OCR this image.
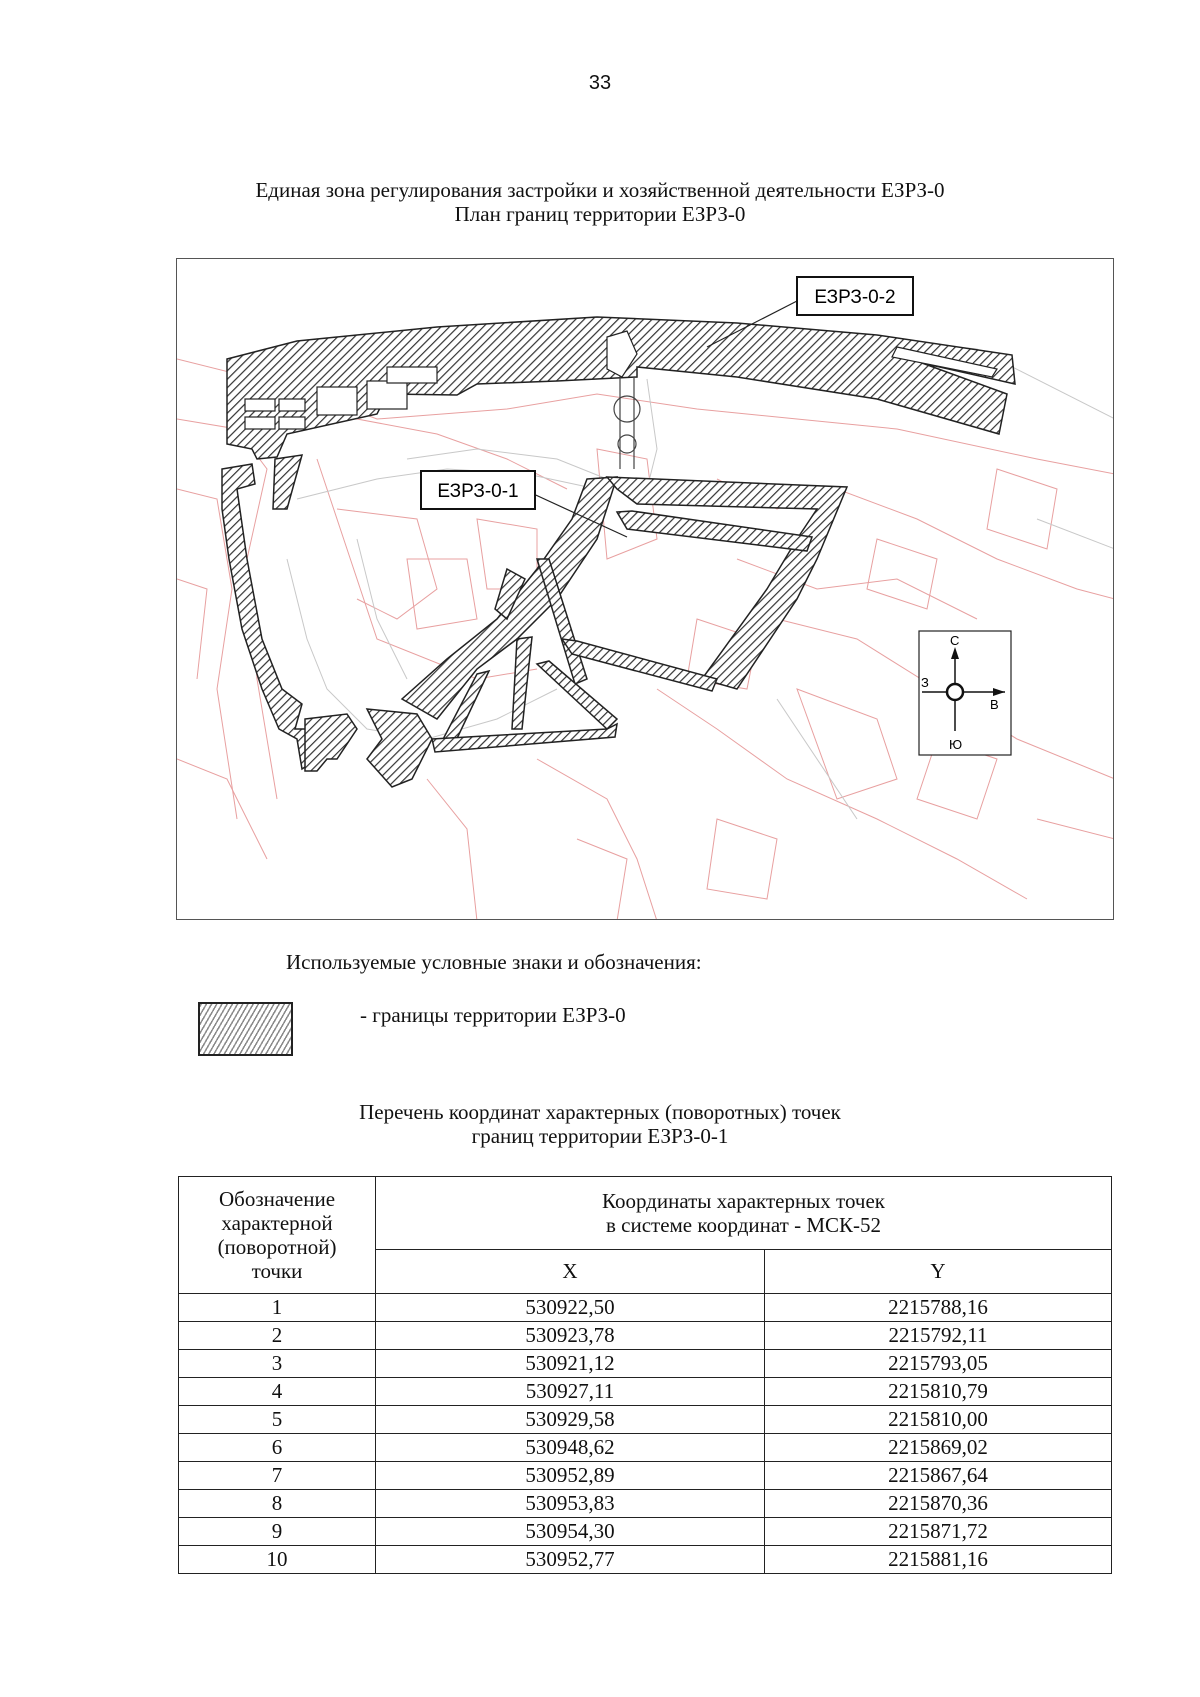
33
Единая зона регулирования застройки и хозяйственной деятельности ЕЗРЗ-0
План границ территории ЕЗРЗ-0
С
Ю
З
В
ЕЗРЗ-0-2
ЕЗРЗ-0-1
Используемые условные знаки и обозначения:
- границы территории ЕЗРЗ-0
Перечень координат характерных (поворотных) точек
границ территории ЕЗРЗ-0-1
Обозначение характерной (поворотной) точки	Координаты характерных точек
в системе координат - МСК-52	

	X	Y
1	530922,50	2215788,16
2	530923,78	2215792,11
3	530921,12	2215793,05
4	530927,11	2215810,79
5	530929,58	2215810,00
6	530948,62	2215869,02
7	530952,89	2215867,64
8	530953,83	2215870,36
9	530954,30	2215871,72
10	530952,77	2215881,16
